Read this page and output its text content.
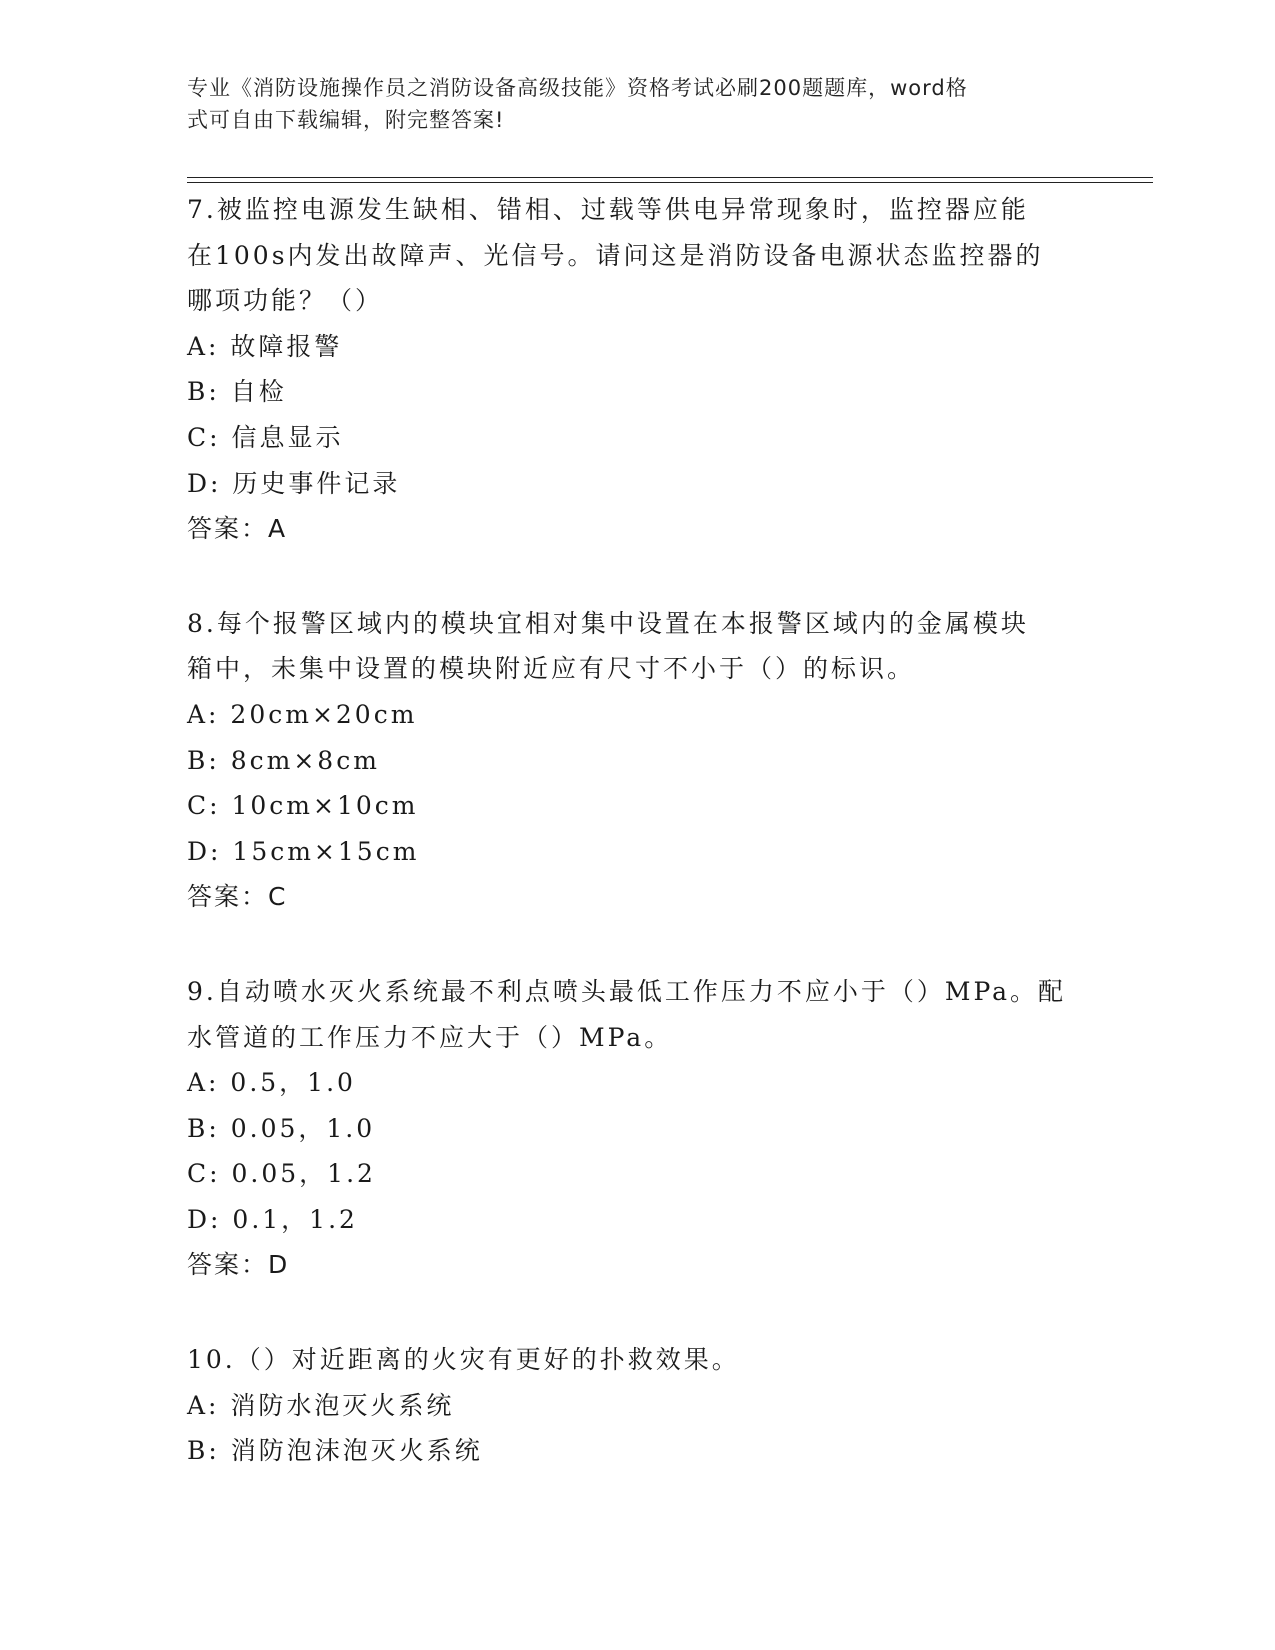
专业《消防设施操作员之消防设备高级技能》资格考试必刷200题题库，word格
式可自由下载编辑，附完整答案!
7.被监控电源发生缺相、错相、过载等供电异常现象时，监控器应能
在100s内发出故障声、光信号。请问这是消防设备电源状态监控器的
哪项功能？（）
A: 故障报警
B: 自检
C: 信息显示
D: 历史事件记录
答案：A
8.每个报警区域内的模块宜相对集中设置在本报警区域内的金属模块
箱中，未集中设置的模块附近应有尺寸不小于（）的标识。
A: 20cm×20cm
B: 8cm×8cm
C: 10cm×10cm
D: 15cm×15cm
答案：C
9.自动喷水灭火系统最不利点喷头最低工作压力不应小于（）MPa。配
水管道的工作压力不应大于（）MPa。
A: 0.5，1.0
B: 0.05，1.0
C: 0.05，1.2
D: 0.1，1.2
答案：D
10.（）对近距离的火灾有更好的扑救效果。
A: 消防水泡灭火系统
B: 消防泡沫泡灭火系统
